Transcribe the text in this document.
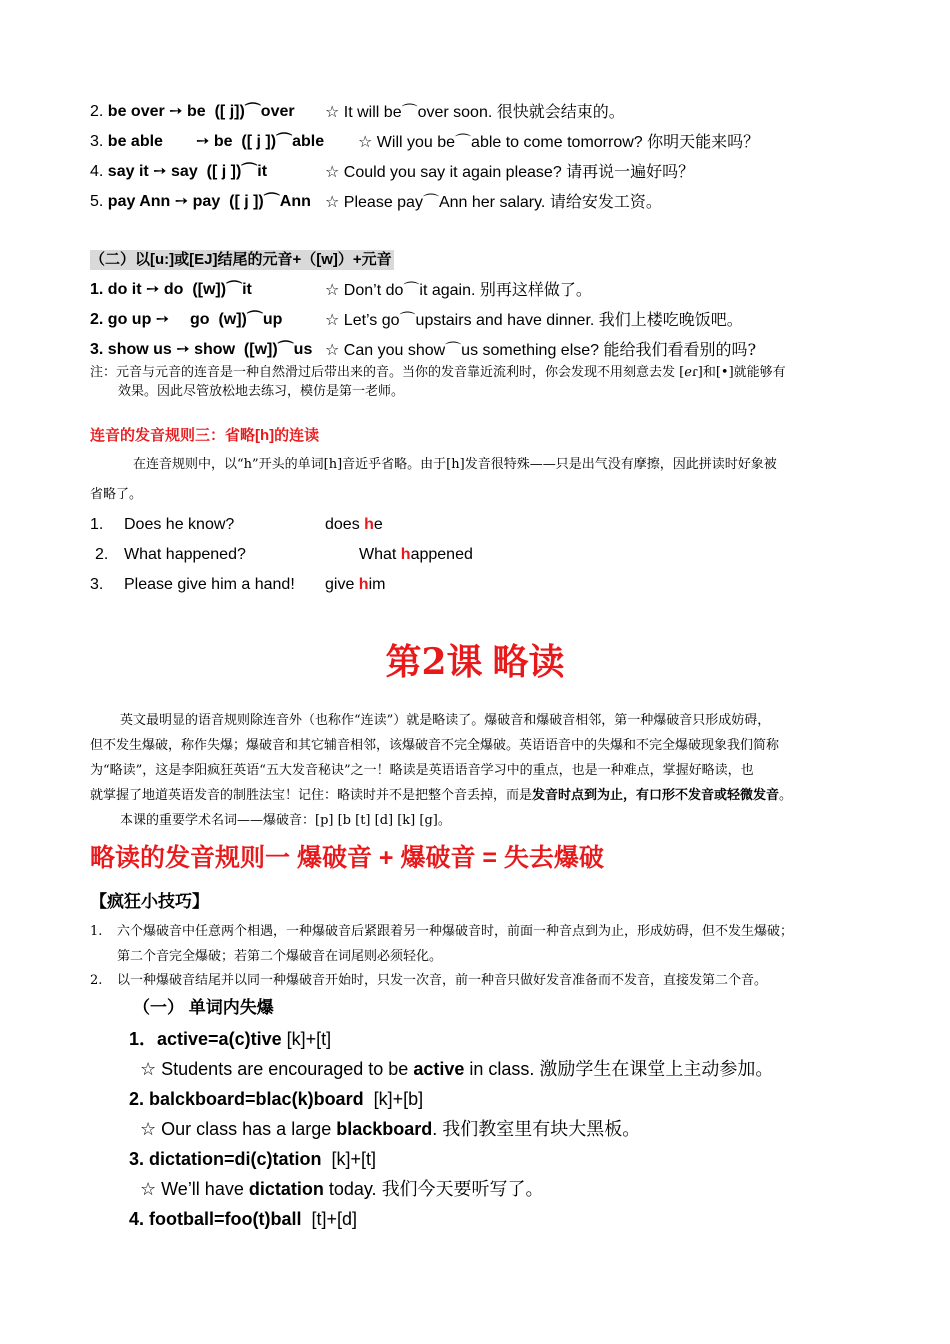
2. be over ➙ be ([ j])⌒over ☆ It will be⌒over soon. 很快就会结束的。
3. be able ➙ be ([ j ])⌒able ☆ Will you be⌒able to come tomorrow? 你明天能来吗？
4. say it ➙ say ([ j ])⌒it	☆ Could you say it again please? 请再说一遍好吗？
5. pay Ann ➙ pay ([ j ])⌒Ann ☆ Please pay⌒Ann her salary. 请给安发工资。
（二）以[u:]或[EJ]结尾的元音+（[w]）+元音
1. do it ➙ do ([w])⌒it	☆ Don’t do⌒it again. 别再这样做了。
2. go up ➙ go (w])⌒up	☆ Let’s go⌒upstairs and have dinner. 我们上楼吃晚饭吧。
3. show us ➙ show ([w])⌒us ☆ Can you show⌒us something else? 能给我们看看别的吗?
注：元音与元音的连音是一种自然滑过后带出来的音。当你的发音靠近流利时，你会发现不用刻意去发 [ℯɾ]和[•]就能够有
效果。因此尽管放松地去练习，模仿是第一老师。
连音的发音规则三：省略[h]的连读
在连音规则中，以“h”开头的单词[h]音近乎省略。由于[h]发音很特殊——只是出气没有摩擦，因此拼读时好象被
省略了。
1. Does he know?	does he
2. What happened?	What happened
3. Please give him a hand! give him
第2课 略读
英文最明显的语音规则除连音外（也称作“连读”）就是略读了。爆破音和爆破音相邻，第一种爆破音只形成妨碍，
但不发生爆破，称作失爆；爆破音和其它辅音相邻，该爆破音不完全爆破。英语语音中的失爆和不完全爆破现象我们简称
为“略读”，这是李阳疯狂英语“五大发音秘诀”之一！略读是英语语音学习中的重点，也是一种难点，掌握好略读，也
就掌握了地道英语发音的制胜法宝！记住：略读时并不是把整个音丢掉，而是发音时点到为止，有口形不发音或轻微发音。
本课的重要学术名词——爆破音：[p] [b [t] [d] [k] [g]。
略读的发音规则一 爆破音 + 爆破音 = 失去爆破
【疯狂小技巧】
1. 六个爆破音中任意两个相遇，一种爆破音后紧跟着另一种爆破音时，前面一种音点到为止，形成妨碍，但不发生爆破；
第二个音完全爆破；若第二个爆破音在词尾则必须轻化。
2. 以一种爆破音结尾并以同一种爆破音开始时，只发一次音，前一种音只做好发音准备而不发音，直接发第二个音。
（一） 单词内失爆
1．active=a(c)tive [k]+[t]
☆ Students are encouraged to be active in class. 激励学生在课堂上主动参加。
2. balckboard=blac(k)board [k]+[b]
☆ Our class has a large blackboard. 我们教室里有块大黑板。
3. dictation=di(c)tation [k]+[t]
☆ We’ll have dictation today. 我们今天要听写了。
4. football=foo(t)ball [t]+[d]
